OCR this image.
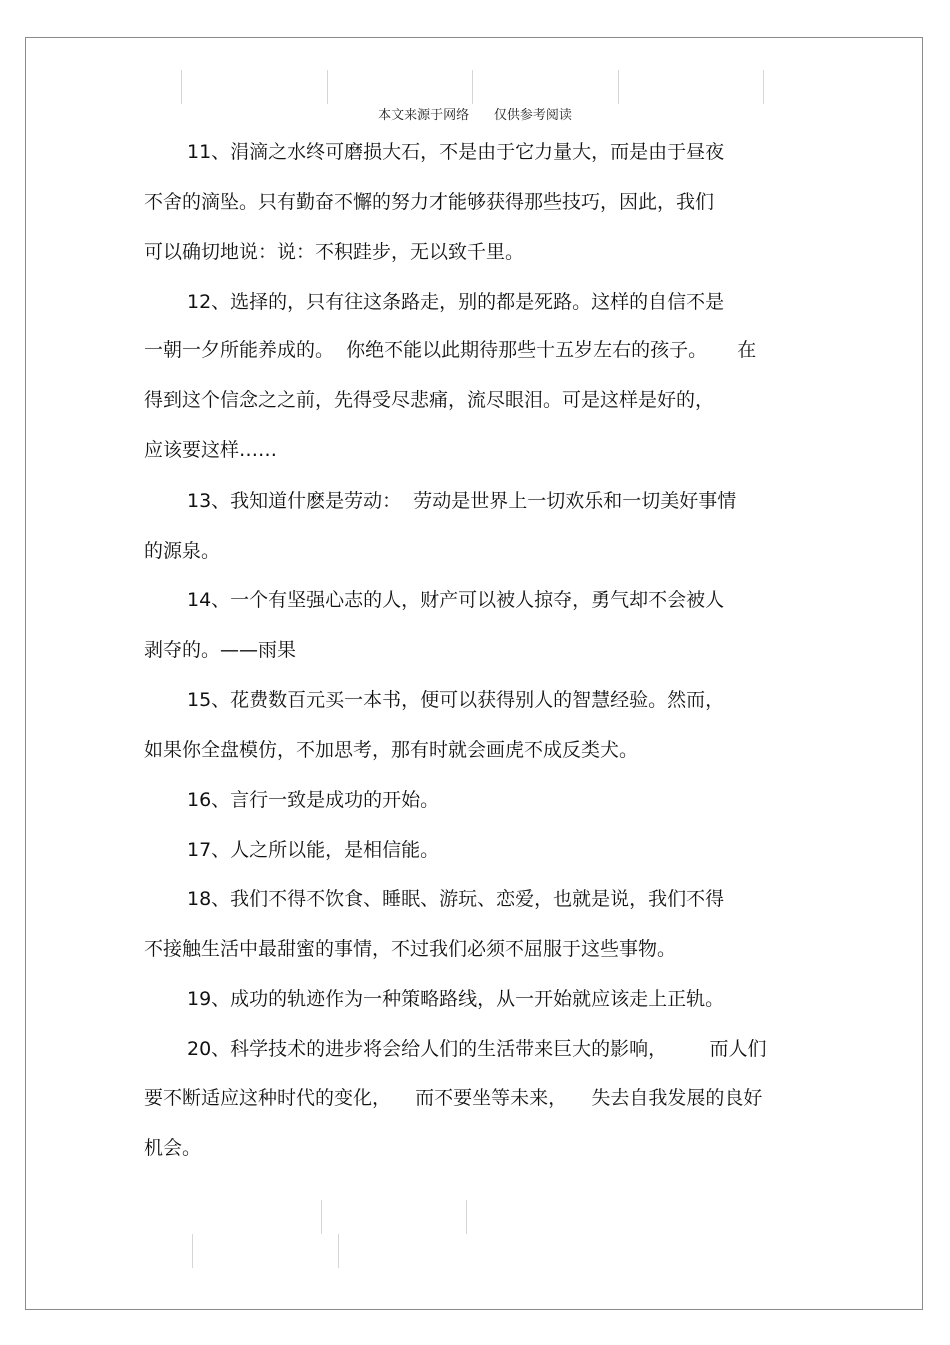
本文来源于网络      仅供参考阅读
11、涓滴之水终可磨损大石，不是由于它力量大，而是由于昼夜
不舍的滴坠。只有勤奋不懈的努力才能够获得那些技巧，因此，我们
可以确切地说：说：不积跬步，无以致千里。
12、选择的，只有往这条路走，别的都是死路。这样的自信不是
一朝一夕所能养成的。  你绝不能以此期待那些十五岁左右的孩子。     在
得到这个信念之之前，先得受尽悲痛，流尽眼泪。可是这样是好的，
应该要这样……
13、我知道什麽是劳动：  劳动是世界上一切欢乐和一切美好事情
的源泉。
14、一个有坚强心志的人，财产可以被人掠夺，勇气却不会被人
剥夺的。——雨果
15、花费数百元买一本书，便可以获得别人的智慧经验。然而，
如果你全盘模仿，不加思考，那有时就会画虎不成反类犬。
16、言行一致是成功的开始。
17、人之所以能，是相信能。
18、我们不得不饮食、睡眠、游玩、恋爱，也就是说，我们不得
不接触生活中最甜蜜的事情，不过我们必须不屈服于这些事物。
19、成功的轨迹作为一种策略路线，从一开始就应该走上正轨。
20、科学技术的进步将会给人们的生活带来巨大的影响，       而人们
要不断适应这种时代的变化，    而不要坐等未来，    失去自我发展的良好
机会。
